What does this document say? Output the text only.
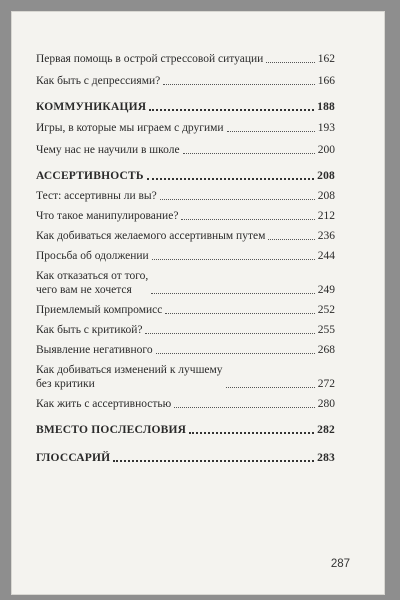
Первая помощь в острой стрессовой ситуации	162
Как быть с депрессиями?	166
КОММУНИКАЦИЯ	188
Игры, в которые мы играем с другими	193
Чему нас не научили в школе	200
АССЕРТИВНОСТЬ	208
Тест: ассертивны ли вы?	208
Что такое манипулирование?	212
Как добиваться желаемого ассертивным путем	236
Просьба об одолжении	244
Как отказаться от того,
чего вам не хочется	249
Приемлемый компромисс	252
Как быть с критикой?	255
Выявление негативного	268
Как добиваться изменений к лучшему
без критики	272
Как жить с ассертивностью	280
ВМЕСТО ПОСЛЕСЛОВИЯ	282
ГЛОССАРИЙ	283
287
